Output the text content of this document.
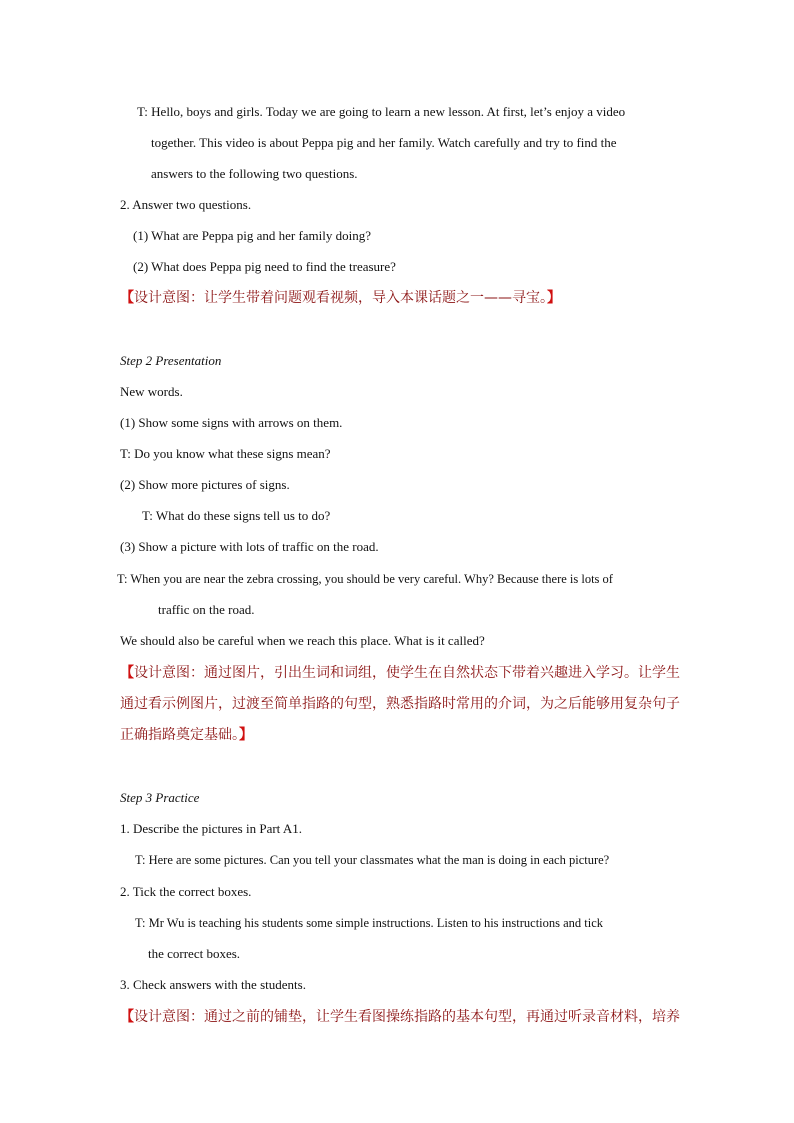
T: Hello, boys and girls. Today we are going to learn a new lesson. At first, let’s enjoy a video

together. This video is about Peppa pig and her family. Watch carefully and try to find the

answers to the following two questions.

2. Answer two questions.

(1) What are Peppa pig and her family doing?

(2) What does Peppa pig need to find the treasure?

【设计意图：让学生带着问题观看视频，导入本课话题之一——寻宝。】

Step 2 Presentation

New words.

(1) Show some signs with arrows on them.

T: Do you know what these signs mean?

(2) Show more pictures of signs.

T: What do these signs tell us to do?

(3) Show a picture with lots of traffic on the road.

T: When you are near the zebra crossing, you should be very careful. Why? Because there is lots of

traffic on the road.

We should also be careful when we reach this place. What is it called?

【设计意图：通过图片，引出生词和词组，使学生在自然状态下带着兴趣进入学习。让学生通过看示例图片，过渡至简单指路的句型，熟悉指路时常用的介词，为之后能够用复杂句子正确指路奠定基础。】

Step 3 Practice

1. Describe the pictures in Part A1.

T: Here are some pictures. Can you tell your classmates what the man is doing in each picture?

2. Tick the correct boxes.

T: Mr Wu is teaching his students some simple instructions. Listen to his instructions and tick

the correct boxes.

3. Check answers with the students.

【设计意图：通过之前的铺垫，让学生看图操练指路的基本句型，再通过听录音材料，培养
